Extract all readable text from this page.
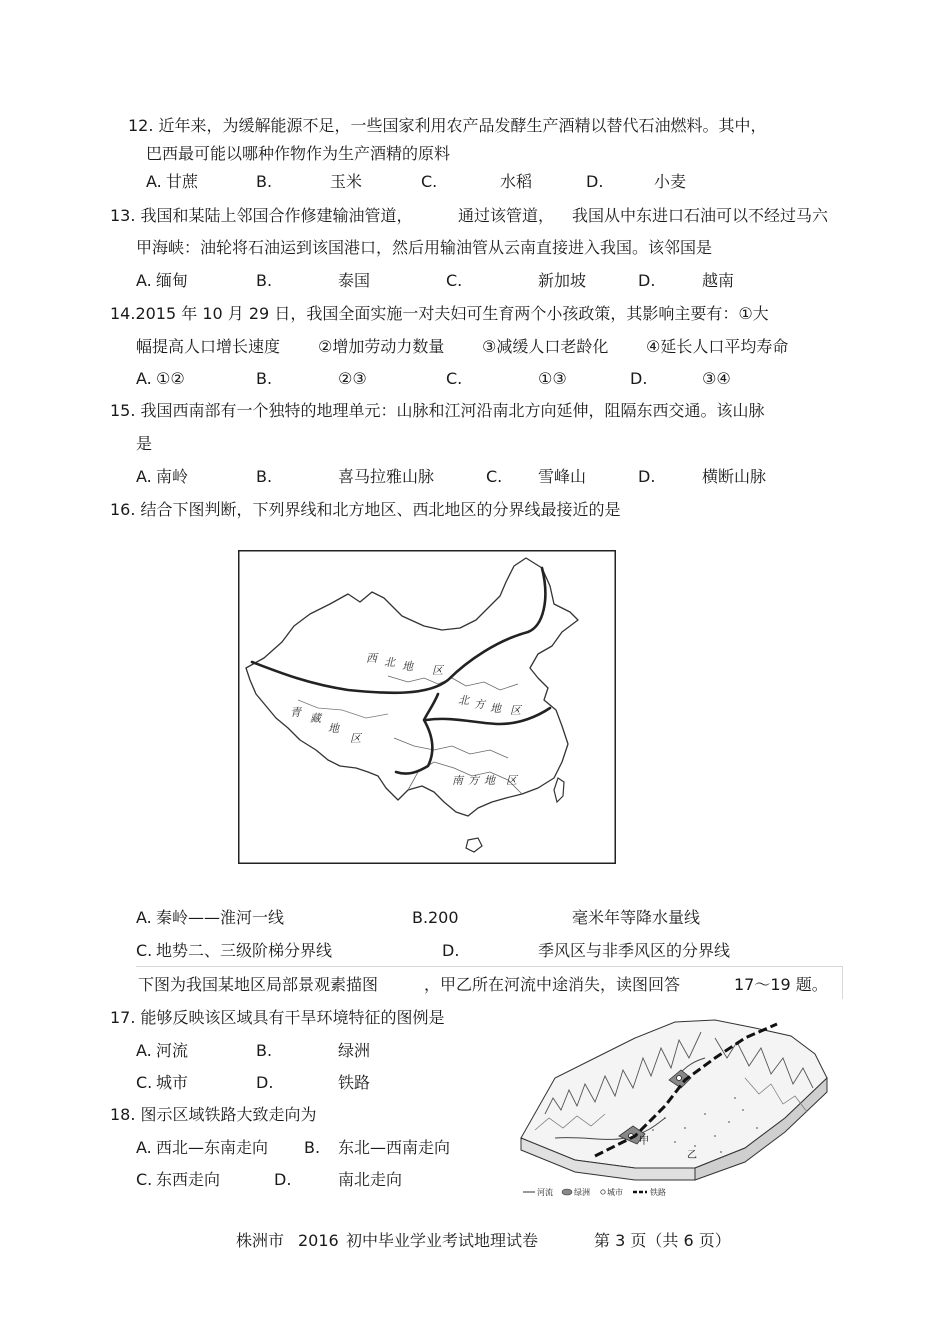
12. 近年来，为缓解能源不足，一些国家利用农产品发酵生产酒精以替代石油燃料。其中，
巴西最可能以哪种作物作为生产酒精的原料
A. 甘蔗	B.	玉米	C.	水稻	D.	小麦
13. 我国和某陆上邻国合作修建输油管道，	通过该管道， 我国从中东进口石油可以不经过马六
甲海峡：油轮将石油运到该国港口，然后用输油管从云南直接进入我国。该邻国是
A. 缅甸	B.	泰国	C.	新加坡	D.	越南
14.2015 年 10 月 29 日，我国全面实施一对夫妇可生育两个小孩政策，其影响主要有：①大
幅提高人口增长速度 ②增加劳动力数量 ③减缓人口老龄化 ④延长人口平均寿命
A. ①②	B.	②③	C.	①③	D.	③④
15. 我国西南部有一个独特的地理单元：山脉和江河沿南北方向延伸，阻隔东西交通。该山脉
是
A. 南岭	B.	喜马拉雅山脉	C. 雪峰山	D.	横断山脉
16. 结合下图判断，下列界线和北方地区、西北地区的分界线最接近的是
西 北 地 区
北 方 地 区
青 藏
地
区
南 方 地 区
A. 秦岭——淮河一线	B. 200	毫米年等降水量线
C. 地势二、三级阶梯分界线	D.	季风区与非季风区的分界线
下图为我国某地区局部景观素描图	，甲乙所在河流中途消失，读图回答	17～19 题。
17. 能够反映该区域具有干旱环境特征的图例是
A. 河流	B.	绿洲
C. 城市	D.	铁路
18. 图示区域铁路大致走向为
A. 西北—东南走向 B. 东北—西南走向
C. 东西走向	D.	南北走向
甲
乙
河流	绿洲 城市	铁路
株洲市 2016 初中毕业学业考试地理试卷	第 3 页（共 6 页）
